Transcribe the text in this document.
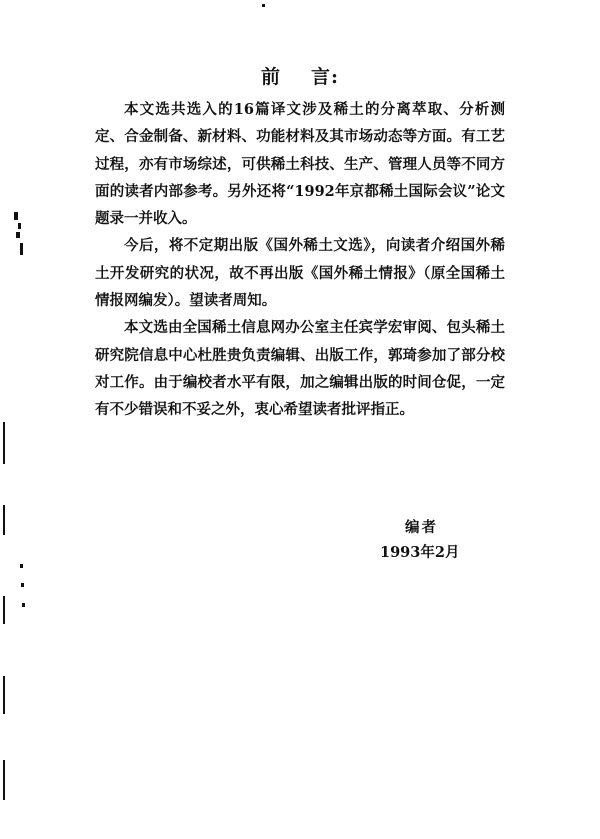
前 言:

本文选共选入的16篇译文涉及稀土的分离萃取、分析测定、合金制备、新材料、功能材料及其市场动态等方面。有工艺过程，亦有市场综述，可供稀土科技、生产、管理人员等不同方面的读者内部参考。另外还将“1992年京都稀土国际会议”论文题录一并收入。

今后，将不定期出版《国外稀土文选》，向读者介绍国外稀土开发研究的状况，故不再出版《国外稀土情报》（原全国稀土情报网编发）。望读者周知。

本文选由全国稀土信息网办公室主任宾学宏审阅、包头稀土研究院信息中心杜胜贵负责编辑、出版工作，郭琦参加了部分校对工作。由于编校者水平有限，加之编辑出版的时间仓促，一定有不少错误和不妥之外，衷心希望读者批评指正。

编者
1993年2月
